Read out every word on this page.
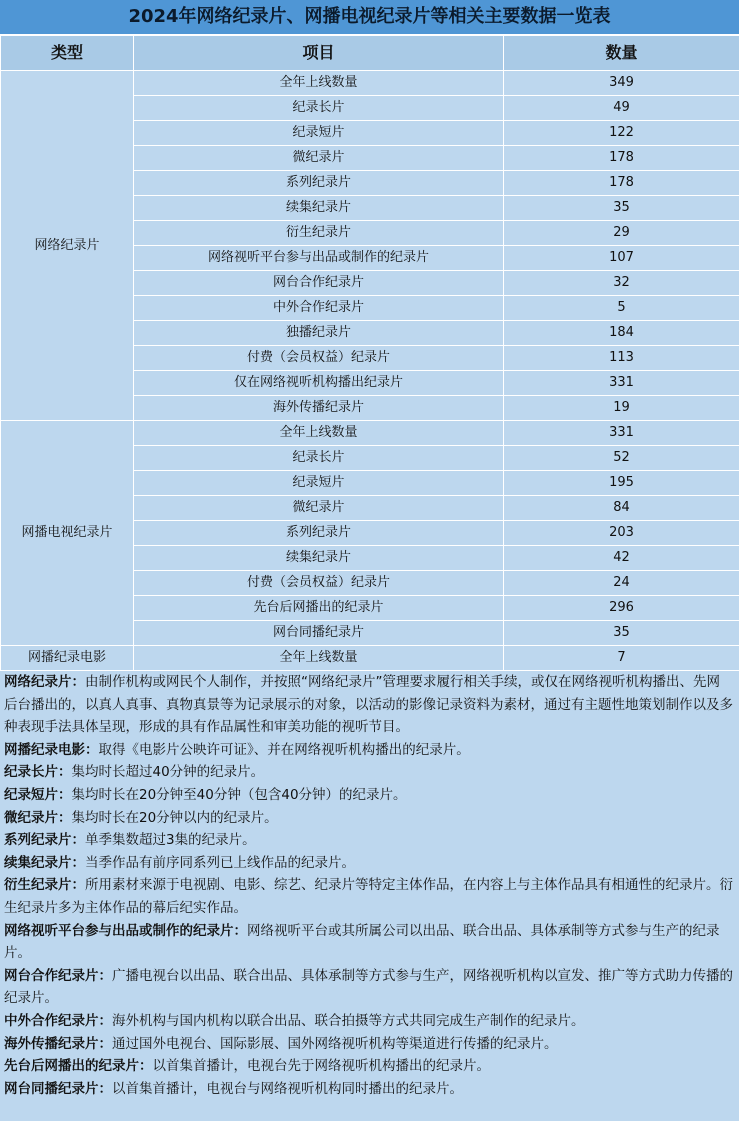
2024年网络纪录片、网播电视纪录片等相关主要数据一览表
类型	项目	数量
网络纪录片	全年上线数量	349
	纪录长片	49
	纪录短片	122
	微纪录片	178
	系列纪录片	178
	续集纪录片	35
	衍生纪录片	29
	网络视听平台参与出品或制作的纪录片	107
	网台合作纪录片	32
	中外合作纪录片	5
	独播纪录片	184
	付费（会员权益）纪录片	113
	仅在网络视听机构播出纪录片	331
	海外传播纪录片	19
网播电视纪录片	全年上线数量	331
	纪录长片	52
	纪录短片	195
	微纪录片	84
	系列纪录片	203
	续集纪录片	42
	付费（会员权益）纪录片	24
	先台后网播出的纪录片	296
	网台同播纪录片	35
网播纪录电影	全年上线数量	7

网络纪录片：由制作机构或网民个人制作，并按照“网络纪录片”管理要求履行相关手续，或仅在网络视听机构播出、先网后台播出的，以真人真事、真物真景等为记录展示的对象，以活动的影像记录资料为素材，通过有主题性地策划制作以及多种表现手法具体呈现，形成的具有作品属性和审美功能的视听节目。

网播纪录电影：取得《电影片公映许可证》、并在网络视听机构播出的纪录片。

纪录长片：集均时长超过40分钟的纪录片。

纪录短片：集均时长在20分钟至40分钟（包含40分钟）的纪录片。

微纪录片：集均时长在20分钟以内的纪录片。

系列纪录片：单季集数超过3集的纪录片。

续集纪录片：当季作品有前序同系列已上线作品的纪录片。

衍生纪录片：所用素材来源于电视剧、电影、综艺、纪录片等特定主体作品，在内容上与主体作品具有相通性的纪录片。衍生纪录片多为主体作品的幕后纪实作品。

网络视听平台参与出品或制作的纪录片：网络视听平台或其所属公司以出品、联合出品、具体承制等方式参与生产的纪录片。

网台合作纪录片：广播电视台以出品、联合出品、具体承制等方式参与生产，网络视听机构以宣发、推广等方式助力传播的纪录片。

中外合作纪录片：海外机构与国内机构以联合出品、联合拍摄等方式共同完成生产制作的纪录片。

海外传播纪录片：通过国外电视台、国际影展、国外网络视听机构等渠道进行传播的纪录片。

先台后网播出的纪录片：以首集首播计，电视台先于网络视听机构播出的纪录片。

网台同播纪录片：以首集首播计，电视台与网络视听机构同时播出的纪录片。
